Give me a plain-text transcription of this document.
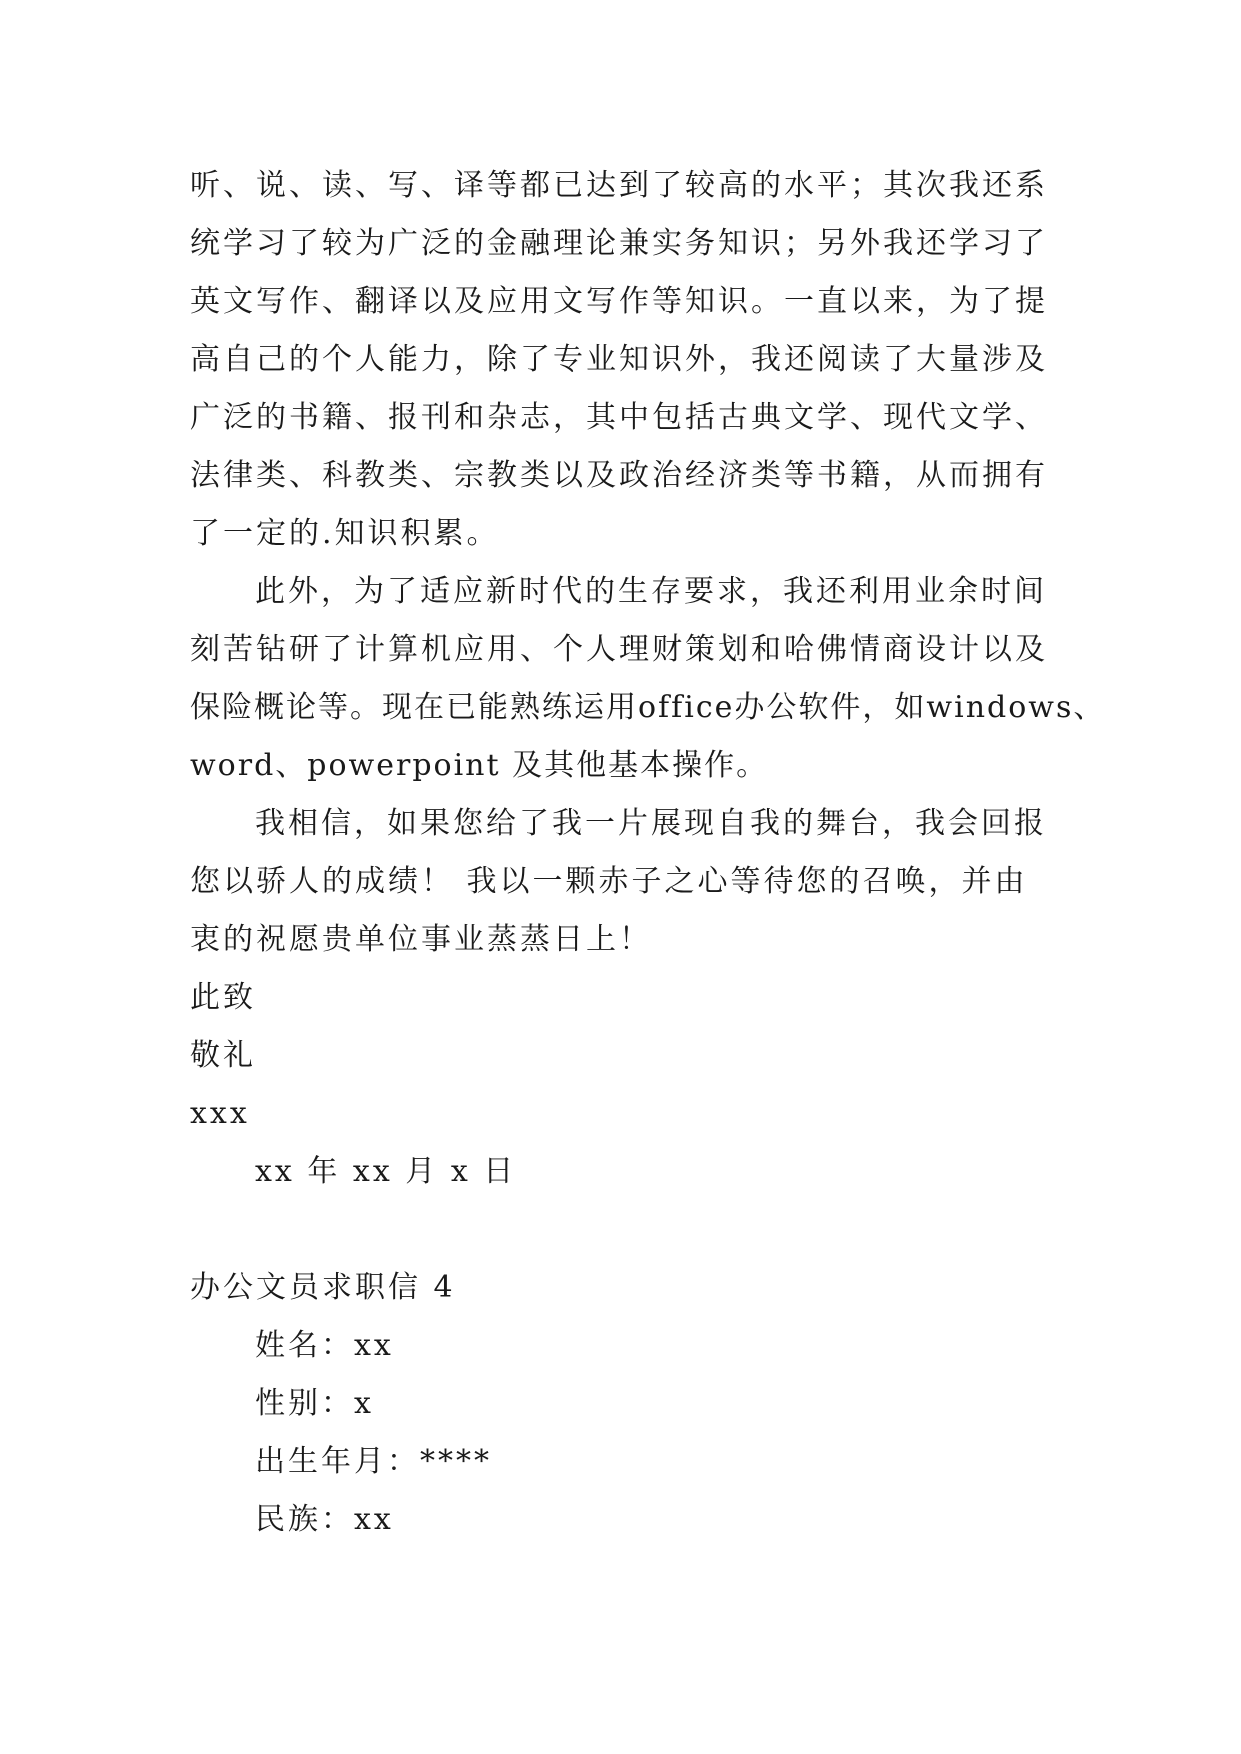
听、说、读、写、译等都已达到了较高的水平；其次我还系
统学习了较为广泛的金融理论兼实务知识；另外我还学习了
英文写作、翻译以及应用文写作等知识。一直以来，为了提
高自己的个人能力，除了专业知识外，我还阅读了大量涉及
广泛的书籍、报刊和杂志，其中包括古典文学、现代文学、
法律类、科教类、宗教类以及政治经济类等书籍，从而拥有
了一定的.知识积累。
此外，为了适应新时代的生存要求，我还利用业余时间
刻苦钻研了计算机应用、个人理财策划和哈佛情商设计以及
保险概论等。现在已能熟练运用office办公软件，如windows、
word、powerpoint 及其他基本操作。
我相信，如果您给了我一片展现自我的舞台，我会回报
您以骄人的成绩！ 我以一颗赤子之心等待您的召唤，并由
衷的祝愿贵单位事业蒸蒸日上！
此致
敬礼
xxx
xx 年 xx 月 x 日
办公文员求职信 4
姓名：xx
性别：x
出生年月：****
民族：xx
